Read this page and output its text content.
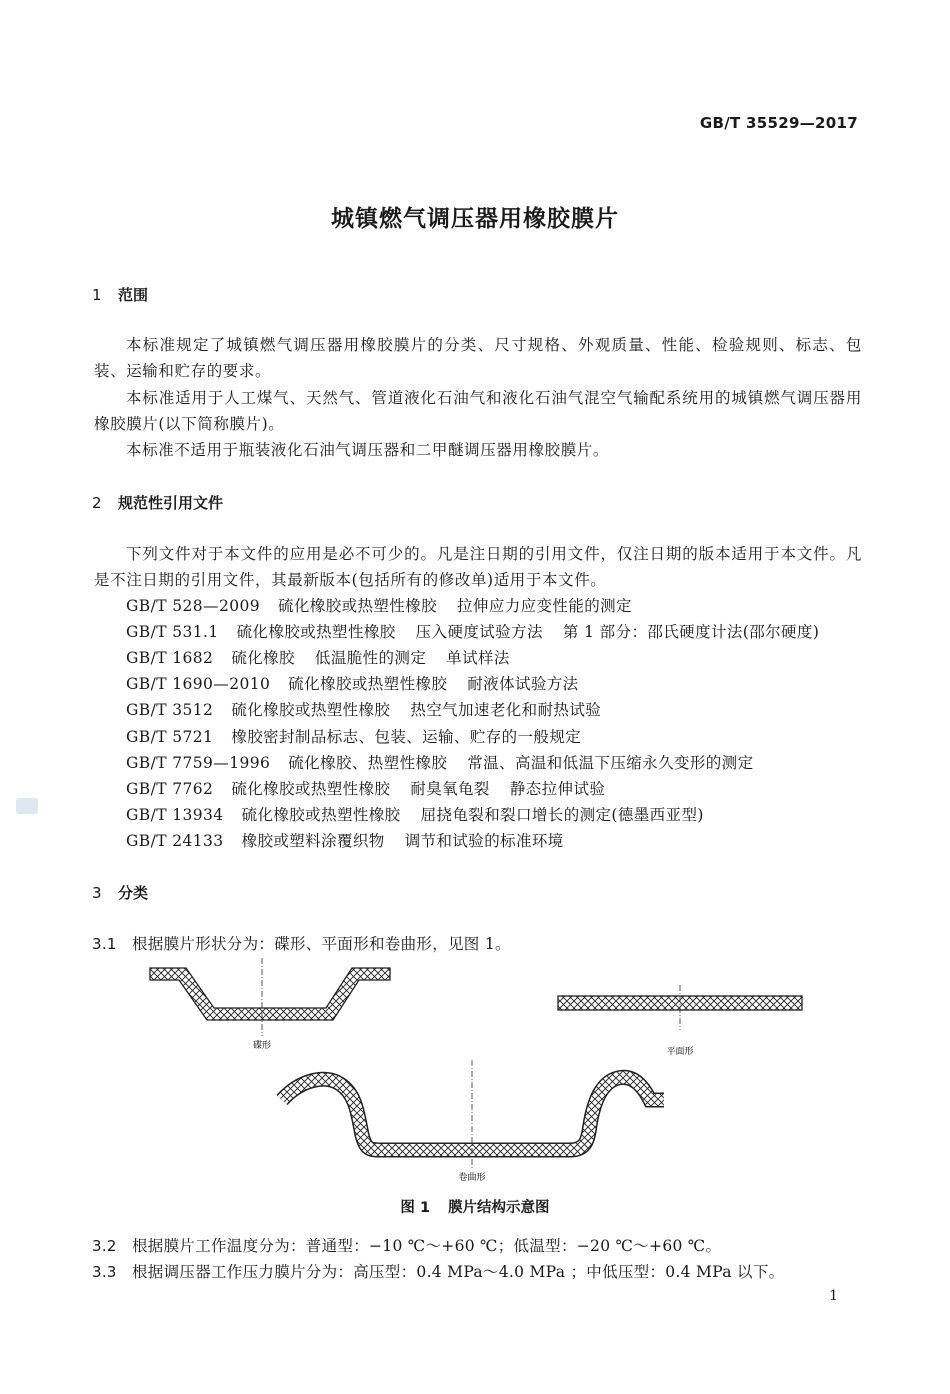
GB/T 35529—2017
城镇燃气调压器用橡胶膜片
1 范围
本标准规定了城镇燃气调压器用橡胶膜片的分类、尺寸规格、外观质量、性能、检验规则、标志、包装、运输和贮存的要求。
本标准适用于人工煤气、天然气、管道液化石油气和液化石油气混空气输配系统用的城镇燃气调压器用橡胶膜片(以下简称膜片)。
本标准不适用于瓶装液化石油气调压器和二甲醚调压器用橡胶膜片。
2 规范性引用文件
下列文件对于本文件的应用是必不可少的。凡是注日期的引用文件，仅注日期的版本适用于本文件。凡是不注日期的引用文件，其最新版本(包括所有的修改单)适用于本文件。
GB/T 528—2009 硫化橡胶或热塑性橡胶 拉伸应力应变性能的测定
GB/T 531.1 硫化橡胶或热塑性橡胶 压入硬度试验方法 第 1 部分：邵氏硬度计法(邵尔硬度)
GB/T 1682 硫化橡胶 低温脆性的测定 单试样法
GB/T 1690—2010 硫化橡胶或热塑性橡胶 耐液体试验方法
GB/T 3512 硫化橡胶或热塑性橡胶 热空气加速老化和耐热试验
GB/T 5721 橡胶密封制品标志、包装、运输、贮存的一般规定
GB/T 7759—1996 硫化橡胶、热塑性橡胶 常温、高温和低温下压缩永久变形的测定
GB/T 7762 硫化橡胶或热塑性橡胶 耐臭氧龟裂 静态拉伸试验
GB/T 13934 硫化橡胶或热塑性橡胶 屈挠龟裂和裂口增长的测定(德墨西亚型)
GB/T 24133 橡胶或塑料涂覆织物 调节和试验的标准环境
3 分类
3.1 根据膜片形状分为：碟形、平面形和卷曲形，见图 1。
碟形
平面形
卷曲形
图 1 膜片结构示意图
3.2 根据膜片工作温度分为：普通型：−10 ℃～+60 ℃；低温型：−20 ℃～+60 ℃。
3.3 根据调压器工作压力膜片分为：高压型：0.4 MPa～4.0 MPa ；中低压型：0.4 MPa 以下。
1
